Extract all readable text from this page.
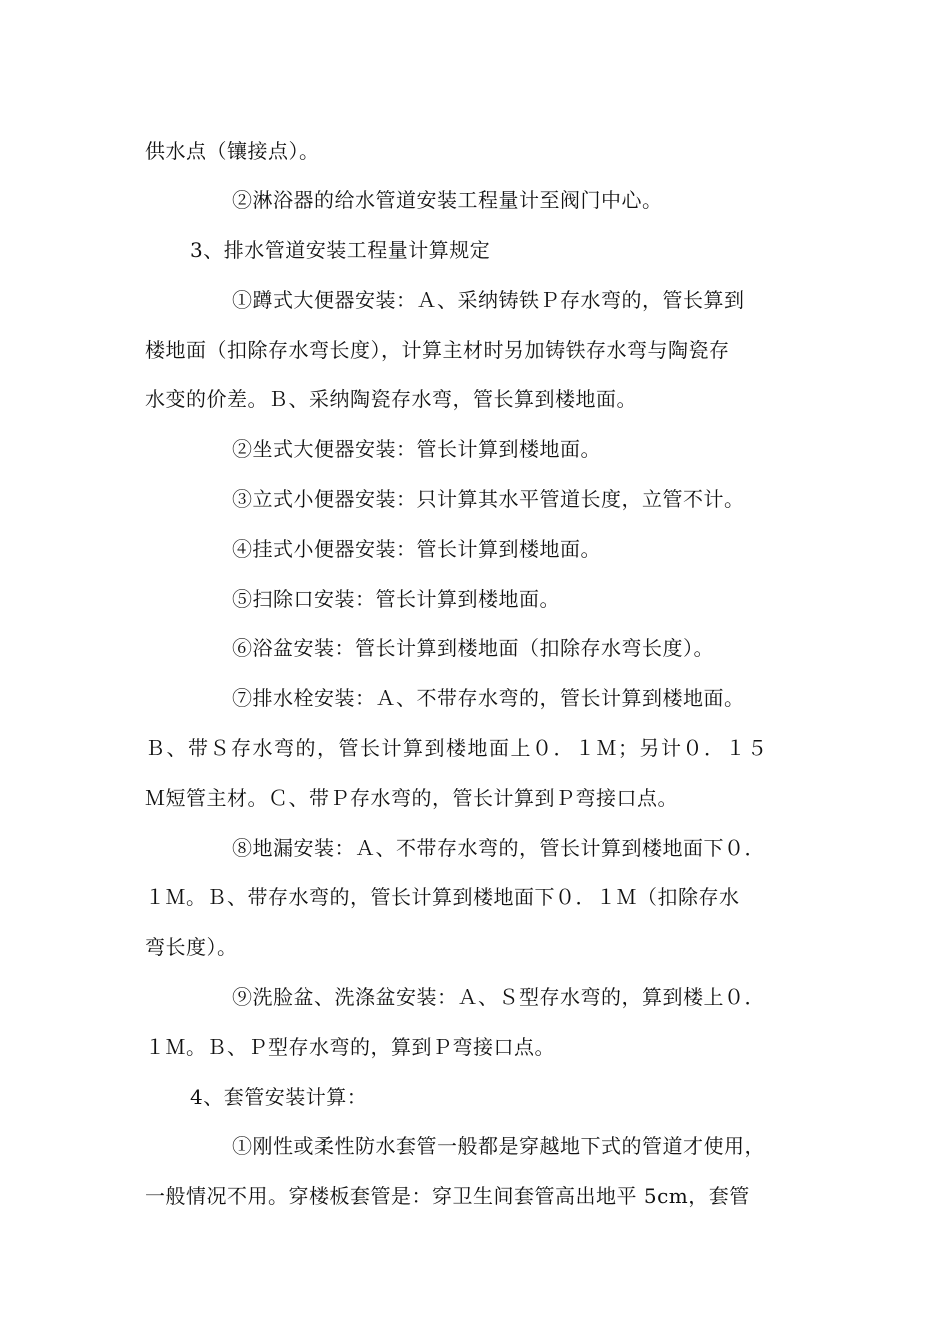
供水点（镶接点）。
②淋浴器的给水管道安装工程量计至阀门中心。
3、排水管道安装工程量计算规定
①蹲式大便器安装：Ａ、采纳铸铁Ｐ存水弯的，管长算到
楼地面（扣除存水弯长度），计算主材时另加铸铁存水弯与陶瓷存
水变的价差。Ｂ、采纳陶瓷存水弯，管长算到楼地面。
②坐式大便器安装：管长计算到楼地面。
③立式小便器安装：只计算其水平管道长度，立管不计。
④挂式小便器安装：管长计算到楼地面。
⑤扫除口安装：管长计算到楼地面。
⑥浴盆安装：管长计算到楼地面（扣除存水弯长度）。
⑦排水栓安装：Ａ、不带存水弯的，管长计算到楼地面。
Ｂ、带Ｓ存水弯的，管长计算到楼地面上０．１Ｍ；另计０．１５
Ｍ短管主材。Ｃ、带Ｐ存水弯的，管长计算到Ｐ弯接口点。
⑧地漏安装：Ａ、不带存水弯的，管长计算到楼地面下０．
１Ｍ。Ｂ、带存水弯的，管长计算到楼地面下０．１Ｍ（扣除存水
弯长度）。
⑨洗脸盆、洗涤盆安装：Ａ、Ｓ型存水弯的，算到楼上０．
１Ｍ。Ｂ、Ｐ型存水弯的，算到Ｐ弯接口点。
4、套管安装计算：
①刚性或柔性防水套管一般都是穿越地下式的管道才使用，
一般情况不用。穿楼板套管是：穿卫生间套管高出地平 5cm，套管
